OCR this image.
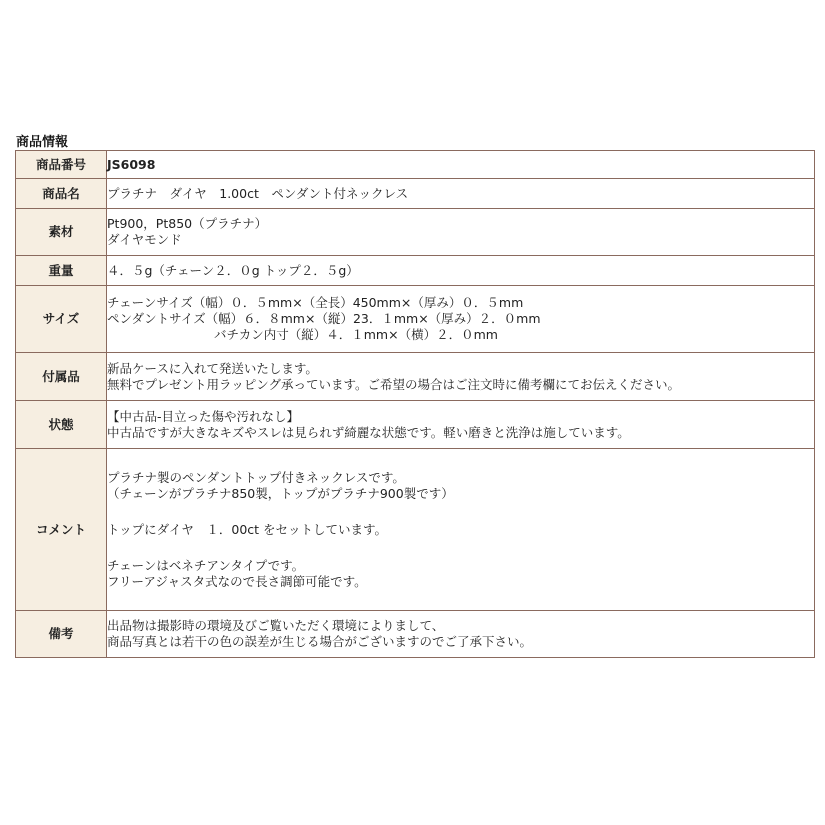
商品情報
商品番号	JS6098

商品名	プラチナ　ダイヤ　1.00ct　ペンダント付ネックレス

素材	Pt900，Pt850（プラチナ）
ダイヤモンド

重量	４．５g（チェーン２．０g トップ２．５g）

サイズ	チェーンサイズ（幅）０．５mm×（全長）450mm×（厚み）０．５mm
ペンダントサイズ（幅）６．８mm×（縦）23．１mm×（厚み）２．０mm
バチカン内寸（縦）４．１mm×（横）２．０mm

付属品	新品ケースに入れて発送いたします。
無料でプレゼント用ラッピング承っています。ご希望の場合はご注文時に備考欄にてお伝えください。

状態	【中古品-目立った傷や汚れなし】
中古品ですが大きなキズやスレは見られず綺麗な状態です。軽い磨きと洗浄は施しています。

コメント	プラチナ製のペンダントトップ付きネックレスです。
（チェーンがプラチナ850製，トップがプラチナ900製です）
トップにダイヤ　１．00ct をセットしています。
チェーンはベネチアンタイプです。
フリーアジャスタ式なので長さ調節可能です。

備考	出品物は撮影時の環境及びご覧いただく環境によりまして、
商品写真とは若干の色の誤差が生じる場合がございますのでご了承下さい。
